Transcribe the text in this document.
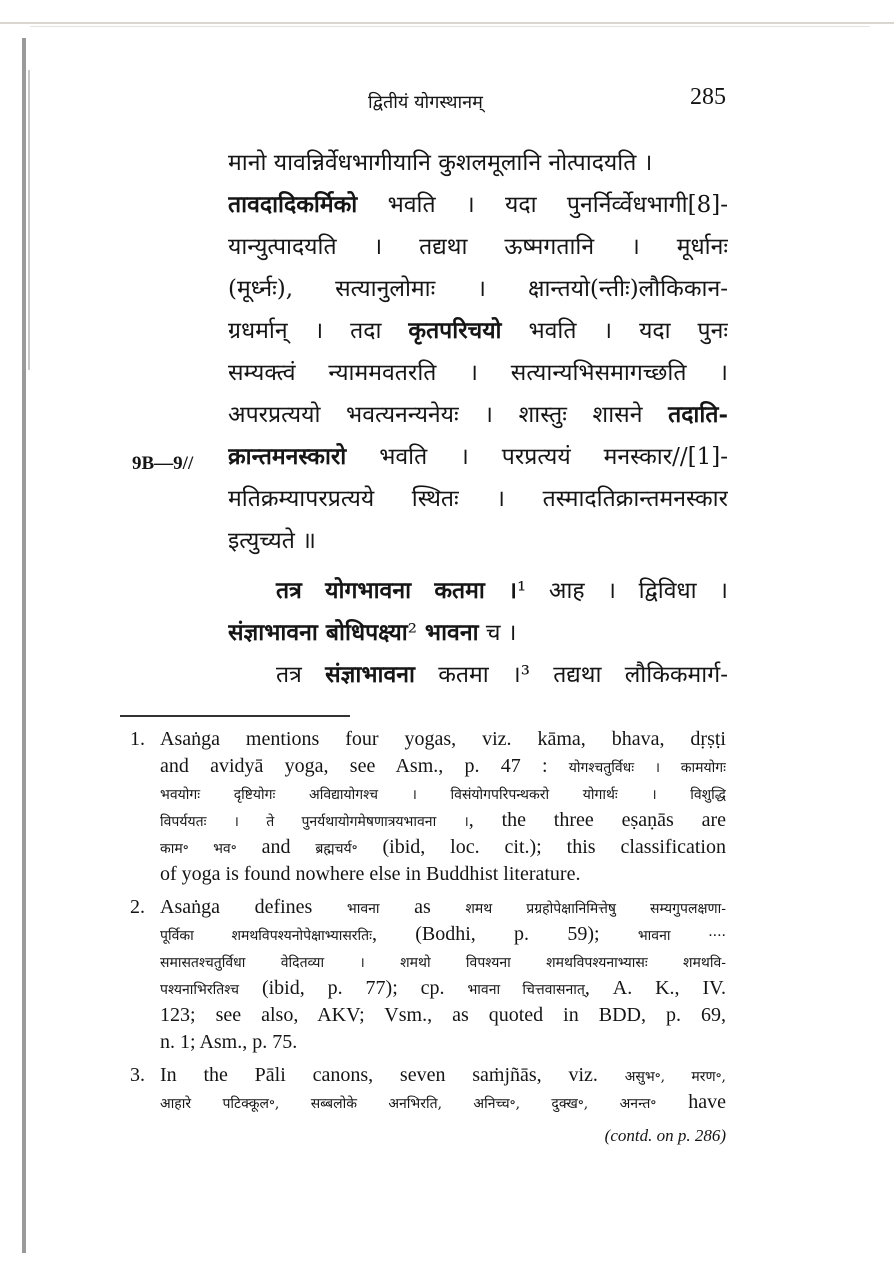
द्वितीयं योगस्थानम्	285
मानो यावन्निर्वेधभागीयानि कुशलमूलानि नोत्पादयति ।
तावदादिकर्मिको भवति । यदा पुनर्निर्व्वेधभागी[8]-
यान्युत्पादयति । तद्यथा ऊष्मगतानि । मूर्धानः
(मूर्ध्नः), सत्यानुलोमाः । क्षान्तयो(न्तीः)लौकिकान-
ग्रधर्मान् । तदा कृतपरिचयो भवति । यदा पुनः
सम्यक्त्वं न्याममवतरति । सत्यान्यभिसमागच्छति ।
अपरप्रत्ययो भवत्यनन्यनेयः । शास्तुः शासने तदाति-
क्रान्तमनस्कारो भवति । परप्रत्ययं मनस्कार//[1]-
मतिक्रम्यापरप्रत्यये स्थितः । तस्मादतिक्रान्तमनस्कार
इत्युच्यते ॥
तत्र योगभावना कतमा ।¹ आह । द्विविधा ।
संज्ञाभावना बोधिपक्ष्या² भावना च ।
तत्र संज्ञाभावना कतमा ।³ तद्यथा लौकिकमार्ग-
9B—9//
1. Asaṅga mentions four yogas, viz. kāma, bhava, dṛṣṭi
and avidyā yoga, see Asm., p. 47 : योगश्चतुर्विधः । कामयोगः
भवयोगः दृष्टियोगः अविद्यायोगश्च । विसंयोगपरिपन्थकरो योगार्थः । विशुद्धि
विपर्ययतः । ते पुनर्यथायोगमेषणात्रयभावना ।, the three eṣaṇās are
काम॰ भव॰ and ब्रह्मचर्य॰ (ibid, loc. cit.); this classification
of yoga is found nowhere else in Buddhist literature.
2. Asaṅga defines भावना as शमथ प्रग्रहोपेक्षानिमित्तेषु सम्यगुपलक्षणा-
पूर्विका शमथविपश्यनोपेक्षाभ्यासरतिः, (Bodhi, p. 59); भावना ····
समासतश्चतुर्विधा वेदितव्या । शमथो विपश्यना शमथविपश्यनाभ्यासः शमथवि-
पश्यनाभिरतिश्च (ibid, p. 77); cp. भावना चित्तवासनात्, A. K., IV.
123; see also, AKV; Vsm., as quoted in BDD, p. 69,
n. 1; Asm., p. 75.
3. In the Pāli canons, seven saṁjñās, viz. असुभ॰, मरण॰,
आहारे पटिक्कूल॰, सब्बलोके अनभिरति, अनिच्च॰, दुक्ख॰, अनन्त॰ have
(contd. on p. 286)
